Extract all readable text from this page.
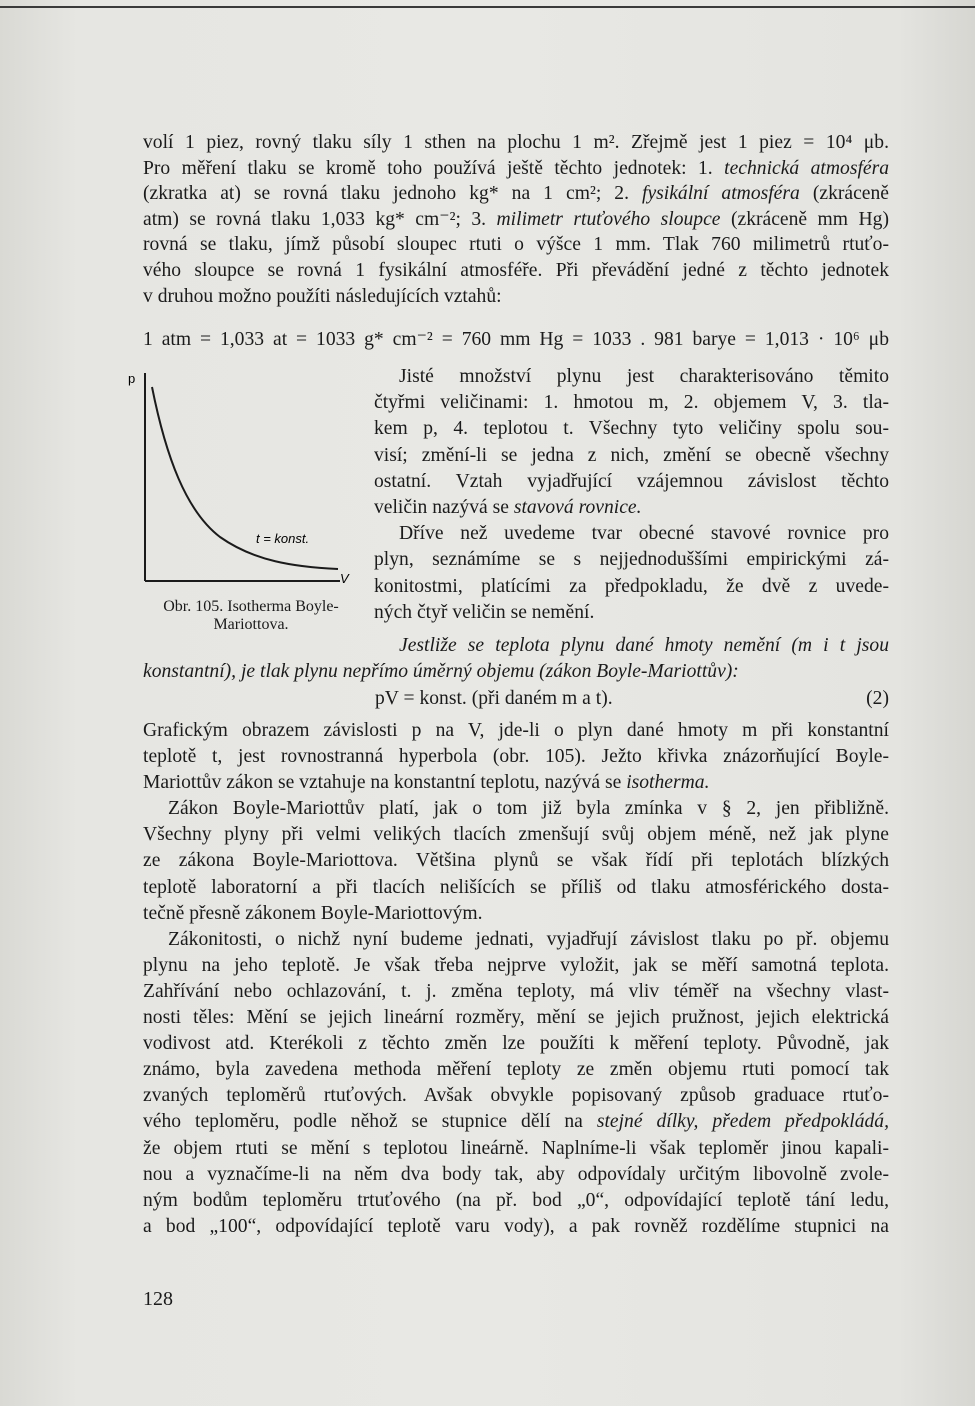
volí 1 piez, rovný tlaku síly 1 sthen na plochu 1 m². Zřejmě jest 1 piez = 10⁴ μb.
Pro měření tlaku se kromě toho používá ještě těchto jednotek: 1. technická atmosféra
(zkratka at) se rovná tlaku jednoho kg* na 1 cm²; 2. fysikální atmosféra (zkráceně
atm) se rovná tlaku 1,033 kg* cm⁻²; 3. milimetr rtuťového sloupce (zkráceně mm Hg)
rovná se tlaku, jímž působí sloupec rtuti o výšce 1 mm. Tlak 760 milimetrů rtuťo-
vého sloupce se rovná 1 fysikální atmosféře. Při převádění jedné z těchto jednotek
v druhou možno použíti následujících vztahů:
1 atm = 1,033 at = 1033 g* cm⁻² = 760 mm Hg = 1033 . 981 barye = 1,013 · 10⁶ μb
p
V
t = konst.
Obr. 105. Isotherma Boyle-
Mariottova.
Jisté množství plynu jest charakterisováno těmito
čtyřmi veličinami: 1. hmotou m, 2. objemem V, 3. tla-
kem p, 4. teplotou t. Všechny tyto veličiny spolu sou-
visí; změní-li se jedna z nich, změní se obecně všechny
ostatní. Vztah vyjadřující vzájemnou závislost těchto
veličin nazývá se stavová rovnice.
Dříve než uvedeme tvar obecné stavové rovnice pro
plyn, seznámíme se s nejjednoduššími empirickými zá-
konitostmi, platícími za předpokladu, že dvě z uvede-
ných čtyř veličin se nemění.
Jestliže se teplota plynu dané hmoty nemění (m i t jsou
konstantní), je tlak plynu nepřímo úměrný objemu (zákon Boyle-Mariottův):
pV = konst. (při daném m a t).	(2)
Grafickým obrazem závislosti p na V, jde-li o plyn dané hmoty m při konstantní
teplotě t, jest rovnostranná hyperbola (obr. 105). Ježto křivka znázorňující Boyle-
Mariottův zákon se vztahuje na konstantní teplotu, nazývá se isotherma.
Zákon Boyle-Mariottův platí, jak o tom již byla zmínka v § 2, jen přibližně.
Všechny plyny při velmi velikých tlacích zmenšují svůj objem méně, než jak plyne
ze zákona Boyle-Mariottova. Většina plynů se však řídí při teplotách blízkých
teplotě laboratorní a při tlacích nelišících se příliš od tlaku atmosférického dosta-
tečně přesně zákonem Boyle-Mariottovým.
Zákonitosti, o nichž nyní budeme jednati, vyjadřují závislost tlaku po př. objemu
plynu na jeho teplotě. Je však třeba nejprve vyložit, jak se měří samotná teplota.
Zahřívání nebo ochlazování, t. j. změna teploty, má vliv téměř na všechny vlast-
nosti těles: Mění se jejich lineární rozměry, mění se jejich pružnost, jejich elektrická
vodivost atd. Kterékoli z těchto změn lze použíti k měření teploty. Původně, jak
známo, byla zavedena methoda měření teploty ze změn objemu rtuti pomocí tak
zvaných teploměrů rtuťových. Avšak obvykle popisovaný způsob graduace rtuťo-
vého teploměru, podle něhož se stupnice dělí na stejné dílky, předem předpokládá,
že objem rtuti se mění s teplotou lineárně. Naplníme-li však teploměr jinou kapali-
nou a vyznačíme-li na něm dva body tak, aby odpovídaly určitým libovolně zvole-
ným bodům teploměru trtuťového (na př. bod „0“, odpovídající teplotě tání ledu,
a bod „100“, odpovídající teplotě varu vody), a pak rovněž rozdělíme stupnici na
128
